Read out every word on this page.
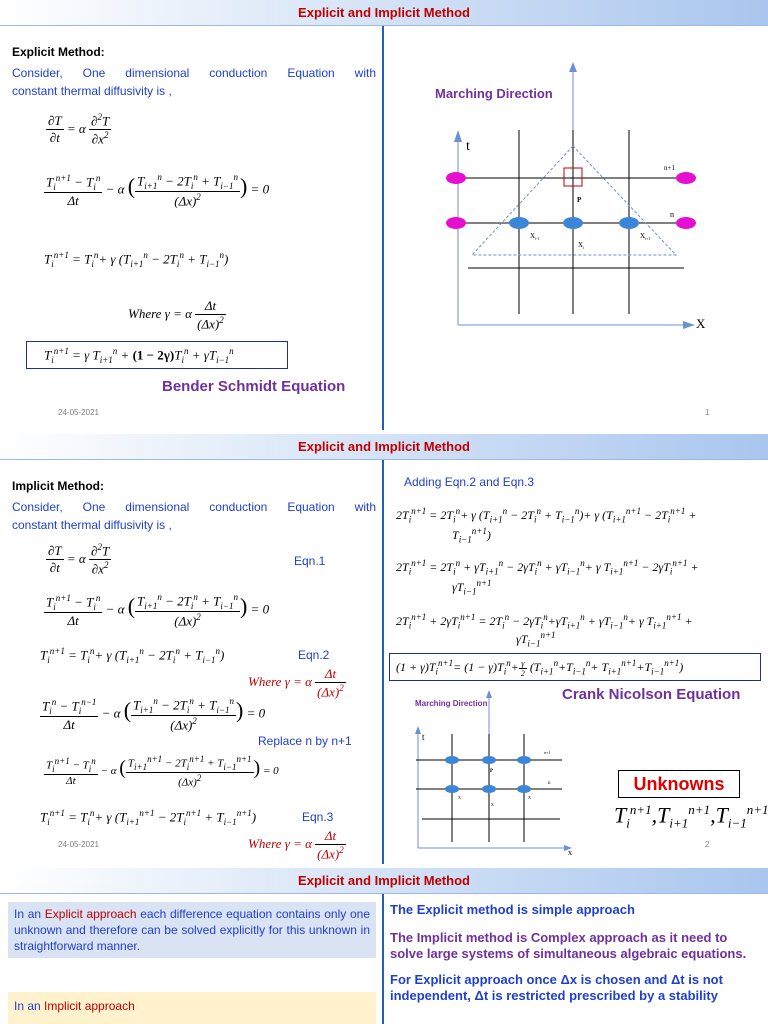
Explicit and Implicit Method
Explicit Method:
Consider, One dimensional conduction Equation with
constant thermal diffusivity is ,
$\frac{\partial T}{\partial t} = \alpha \frac{\partial^2T}{\partial x^2}$
$\frac{T_i^{n+1} - T_i^n}{\Delta t} - \alpha$ ( $\frac{T_{i+1}^n - 2T_i^n + T_{i-1}^n}{(\Delta x)^2}$ ) = 0
$T_i^{n+1} = T_i^n+ \gamma$ $(T_{i+1}^n - 2T_i^n + T_{i-1}^n)$
Where γ = α $\frac{\Delta t}{(\Delta x)^2}$
$T_i^{n+1} = \gamma$ $T_{i+1}^n + (1 - 2\gamma)T_i^n + \gamma T_{i-1}^n$
Bender Schmidt Equation
24-05-2021	1
Marching Direction
t
X
n+1
n
P
$X_{i-1}$
$X_i$
$X_{i+1}$
Explicit and Implicit Method
Implicit Method:
Consider, One dimensional conduction Equation with
constant thermal diffusivity is ,
$\frac{\partial T}{\partial t} = \alpha \frac{\partial^2T}{\partial x^2}$	Eqn.1
$\frac{T_i^{n+1} - T_i^n}{\Delta t} - \alpha$ ( $\frac{T_{i+1}^n - 2T_i^n + T_{i-1}^n}{(\Delta x)^2}$ ) = 0
$T_i^{n+1} = T_i^n+ \gamma$ $(T_{i+1}^n - 2T_i^n + T_{i-1}^n)$	Eqn.2
Where γ = α $\frac{\Delta t}{(\Delta x)^2}$
$\frac{T_i^n - T_i^{n-1}}{\Delta t} - \alpha$ ( $\frac{T_{i+1}^n - 2T_i^n + T_{i-1}^n}{(\Delta x)^2}$ ) = 0
Replace n by n+1
$\frac{T_i^{n+1} - T_i^n}{\Delta t} - \alpha$ ( $\frac{T_{i+1}^{n+1} - 2T_i^{n+1} + T_{i-1}^{n+1}}{(\Delta x)^2}$ ) = 0
$T_i^{n+1} = T_i^n+ \gamma$ $(T_{i+1}^{n+1} - 2T_i^{n+1} + T_{i-1}^{n+1})$	Eqn.3
Where γ = α $\frac{\Delta t}{(\Delta x)^2}$
24-05-2021
Adding Eqn.2 and Eqn.3
$2T_i^{n+1} = 2T_i^n+ \gamma$ $(T_{i+1}^n - 2T_i^n + T_{i-1}^n)+ \gamma$ ($T_{i+1}^{n+1} - 2T_i^{n+1}$ +
$T_{i-1}^{n+1}$)
$2T_i^{n+1} = 2T_i^n + \gamma T_{i+1}^n - 2\gamma T_i^n + \gamma T_{i-1}^n+ \gamma$ $T_{i+1}^{n+1} - 2\gamma T_i^{n+1}$ +
$\gamma T_{i-1}^{n+1}$
$2T_i^{n+1} + 2\gamma T_i^{n+1} = 2T_i^n - 2\gamma T_i^n+\gamma T_{i+1}^n + \gamma T_{i-1}^n+ \gamma$ $T_{i+1}^{n+1}$ +
$\gamma T_{i-1}^{n+1}$
$(1 + \gamma)T_i^{n+1}= (1 - \gamma)T_i^n+ \frac{\gamma}{2} (T_{i+1}^n+T_{i-1}^n+ T_{i+1}^{n+1}+T_{i-1}^{n+1})$
Crank Nicolson Equation
Marching Direction
t
x
n+1
n
P
X
X
X
Unknowns
$T_i^{n+1},T_{i+1}^{n+1},T_{i-1}^{n+1}$
2
Explicit and Implicit Method
In an Explicit approach each difference equation contains only one unknown and therefore can be solved explicitly for this unknown in straightforward manner.
In an Implicit approach

The Explicit method is simple approach

The Implicit method is Complex approach as it need to solve large systems of simultaneous algebraic equations.

For Explicit approach once Δx is chosen and Δt is not independent, Δt is restricted prescribed by a stability
